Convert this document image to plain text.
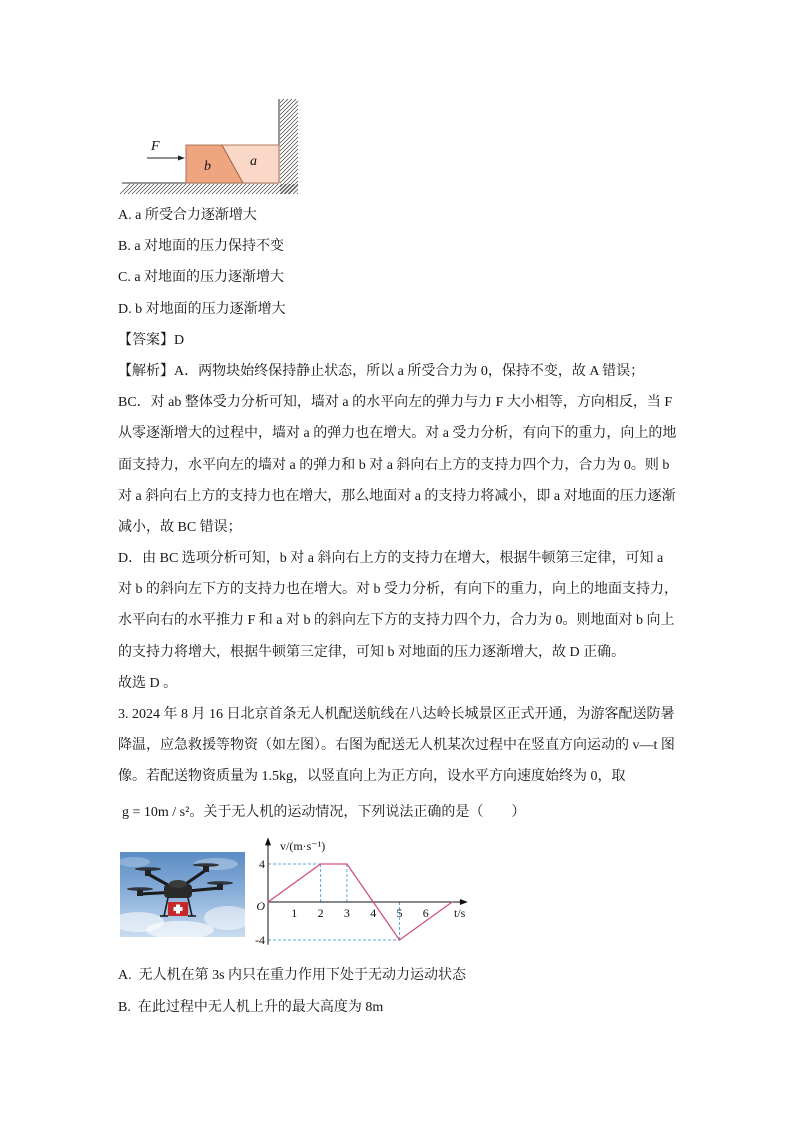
F
b	a
A. a 所受合力逐渐增大
B. a 对地面的压力保持不变
C. a 对地面的压力逐渐增大
D. b 对地面的压力逐渐增大
【答案】D
【解析】A．两物块始终保持静止状态，所以 a 所受合力为 0，保持不变，故 A 错误；
BC．对 ab 整体受力分析可知，墙对 a 的水平向左的弹力与力 F 大小相等，方向相反，当 F
从零逐渐增大的过程中，墙对 a 的弹力也在增大。对 a 受力分析，有向下的重力，向上的地
面支持力，水平向左的墙对 a 的弹力和 b 对 a 斜向右上方的支持力四个力，合力为 0。则 b
对 a 斜向右上方的支持力也在增大，那么地面对 a 的支持力将减小，即 a 对地面的压力逐渐
减小，故 BC 错误；
D．由 BC 选项分析可知，b 对 a 斜向右上方的支持力在增大，根据牛顿第三定律，可知 a
对 b 的斜向左下方的支持力也在增大。对 b 受力分析，有向下的重力，向上的地面支持力，
水平向右的水平推力 F 和 a 对 b 的斜向左下方的支持力四个力，合力为 0。则地面对 b 向上
的支持力将增大，根据牛顿第三定律，可知 b 对地面的压力逐渐增大，故 D 正确。
故选 D 。
3. 2024 年 8 月 16 日北京首条无人机配送航线在八达岭长城景区正式开通，为游客配送防暑
降温，应急救援等物资（如左图）。右图为配送无人机某次过程中在竖直方向运动的 v—t 图
像。若配送物资质量为 1.5kg，以竖直向上为正方向，设水平方向速度始终为 0，取
g = 10m / s²。关于无人机的运动情况，下列说法正确的是（　　）
1 2 3 4 5 6
4
-4
O
v/(m·s⁻¹)
t/s
A.  无人机在第 3s 内只在重力作用下处于无动力运动状态
B.  在此过程中无人机上升的最大高度为 8m
